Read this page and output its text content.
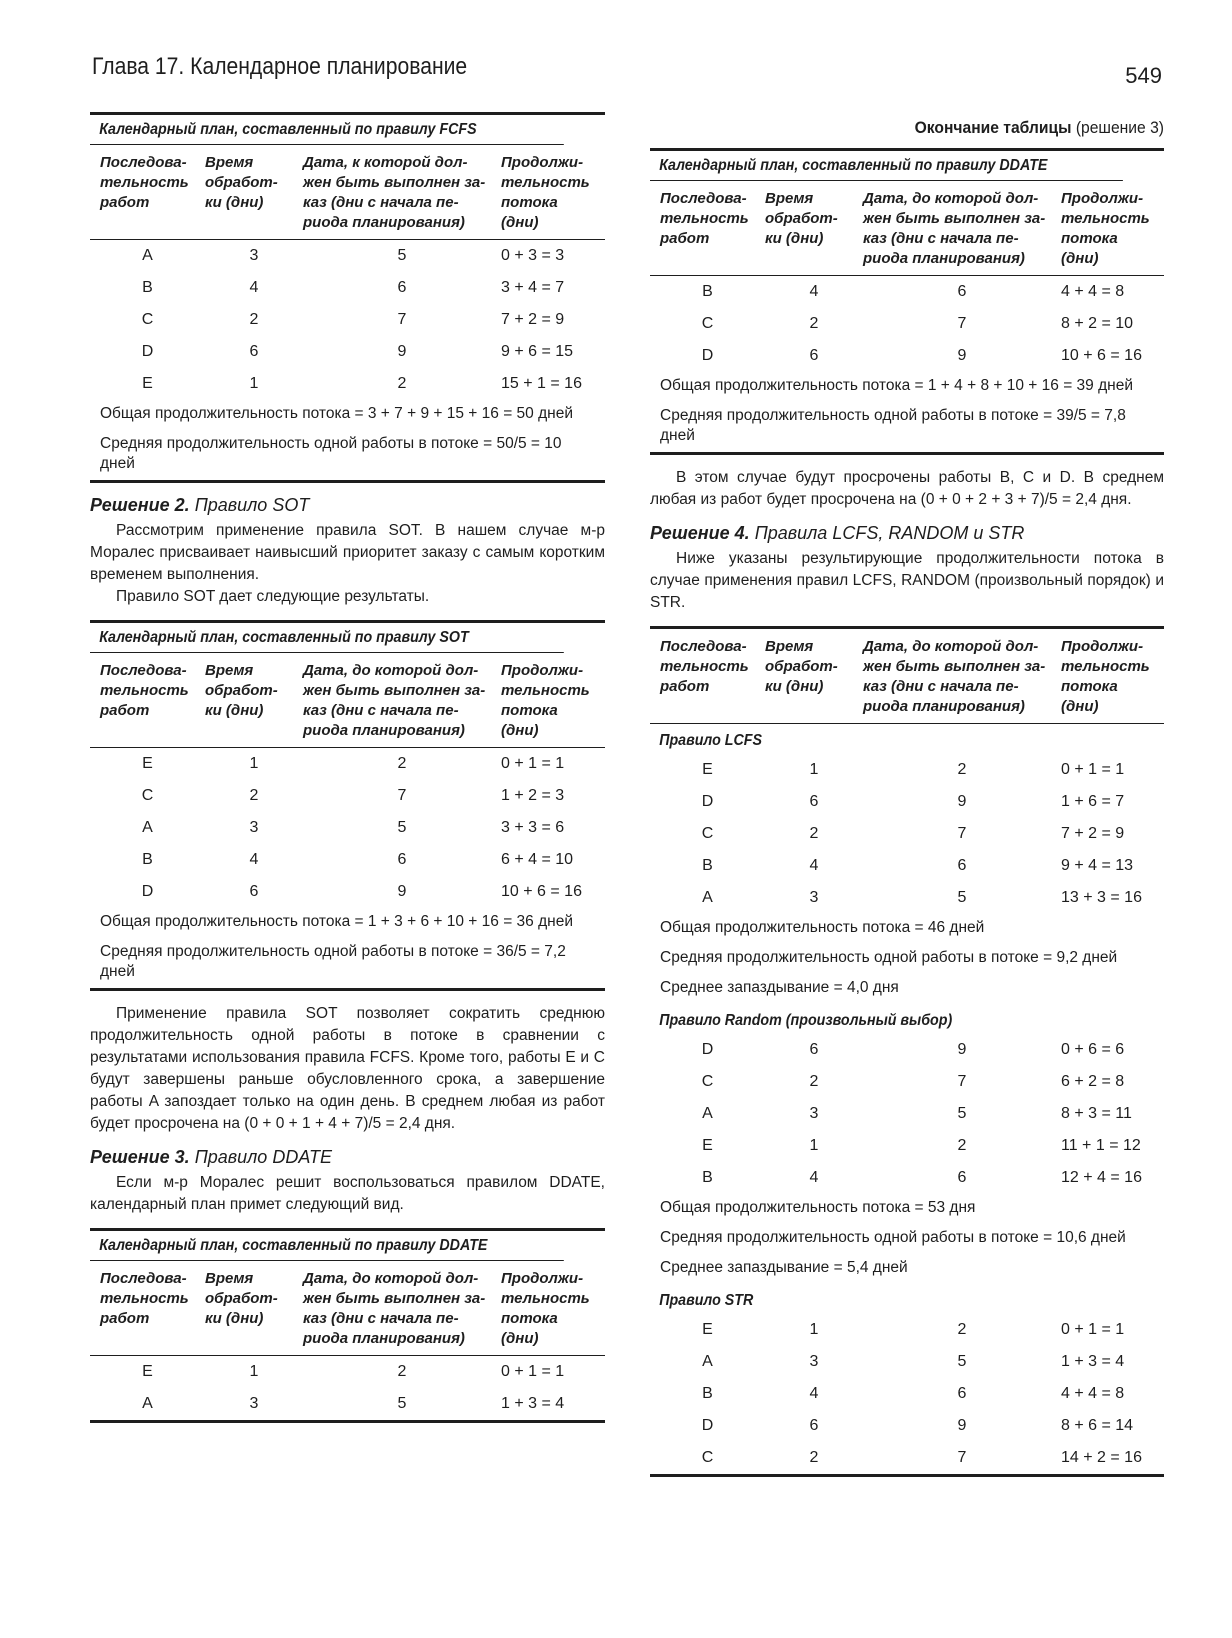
Глава 17. Календарное планирование	549
Календарный план, составленный по правилу FCFS
Последова-
тельность
работ
Время
обработ-
ки (дни)
Дата, к которой дол-
жен быть выполнен за-
каз (дни с начала пе-
риода планирования)
Продолжи-
тельность
потока
(дни)
A	3	5	0 + 3 = 3
B	4	6	3 + 4 = 7
C	2	7	7 + 2 = 9
D	6	9	9 + 6 = 15
E	1	2	15 + 1 = 16
Общая продолжительность потока = 3 + 7 + 9 + 15 + 16 = 50 дней
Средняя продолжительность одной работы в потоке = 50/5 = 10 дней
Решение 2. Правило SOT

Рассмотрим применение правила SOT. В нашем случае м-р Моралес присваивает наивысший приоритет заказу с самым коротким временем выполнения.
Правило SOT дает следующие результаты.

Календарный план, составленный по правилу SOT
Последова-
тельность
работ
Время
обработ-
ки (дни)
Дата, до которой дол-
жен быть выполнен за-
каз (дни с начала пе-
риода планирования)
Продолжи-
тельность
потока
(дни)
E	1	2	0 + 1 = 1
C	2	7	1 + 2 = 3
A	3	5	3 + 3 = 6
B	4	6	6 + 4 = 10
D	6	9	10 + 6 = 16
Общая продолжительность потока = 1 + 3 + 6 + 10 + 16 = 36 дней
Средняя продолжительность одной работы в потоке = 36/5 = 7,2 дней

Применение правила SOT позволяет сократить среднюю продолжительность одной работы в потоке в сравнении с результатами использования правила FCFS. Кроме того, работы E и C будут завершены раньше обусловленного срока, а завершение работы A запоздает только на один день. В среднем любая из работ будет просрочена на (0 + 0 + 1 + 4 + 7)/5 = 2,4 дня.

Решение 3. Правило DDATE

Если м-р Моралес решит воспользоваться правилом DDATE, календарный план примет следующий вид.

Календарный план, составленный по правилу DDATE
Последова-
тельность
работ
Время
обработ-
ки (дни)
Дата, до которой дол-
жен быть выполнен за-
каз (дни с начала пе-
риода планирования)
Продолжи-
тельность
потока
(дни)
E	1	2	0 + 1 = 1
A	3	5	1 + 3 = 4
Окончание таблицы (решение 3)
Календарный план, составленный по правилу DDATE
Последова-
тельность
работ
Время
обработ-
ки (дни)
Дата, до которой дол-
жен быть выполнен за-
каз (дни с начала пе-
риода планирования)
Продолжи-
тельность
потока
(дни)
B	4	6	4 + 4 = 8
C	2	7	8 + 2 = 10
D	6	9	10 + 6 = 16
Общая продолжительность потока = 1 + 4 + 8 + 10 + 16 = 39 дней
Средняя продолжительность одной работы в потоке = 39/5 = 7,8 дней

В этом случае будут просрочены работы B, C и D. В среднем любая из работ будет просрочена на (0 + 0 + 2 + 3 + 7)/5 = 2,4 дня.

Решение 4. Правила LCFS, RANDOM и STR

Ниже указаны результирующие продолжительности потока в случае применения правил LCFS, RANDOM (произвольный порядок) и STR.

Последова-
тельность
работ
Время
обработ-
ки (дни)
Дата, до которой дол-
жен быть выполнен за-
каз (дни с начала пе-
риода планирования)
Продолжи-
тельность
потока
(дни)
Правило LCFS
E	1	2	0 + 1 = 1
D	6	9	1 + 6 = 7
C	2	7	7 + 2 = 9
B	4	6	9 + 4 = 13
A	3	5	13 + 3 = 16
Общая продолжительность потока = 46 дней
Средняя продолжительность одной работы в потоке = 9,2 дней
Среднее запаздывание = 4,0 дня
Правило Random (произвольный выбор)
D	6	9	0 + 6 = 6
C	2	7	6 + 2 = 8
A	3	5	8 + 3 = 11
E	1	2	11 + 1 = 12
B	4	6	12 + 4 = 16
Общая продолжительность потока = 53 дня
Средняя продолжительность одной работы в потоке = 10,6 дней
Среднее запаздывание = 5,4 дней
Правило STR
E	1	2	0 + 1 = 1
A	3	5	1 + 3 = 4
B	4	6	4 + 4 = 8
D	6	9	8 + 6 = 14
C	2	7	14 + 2 = 16
